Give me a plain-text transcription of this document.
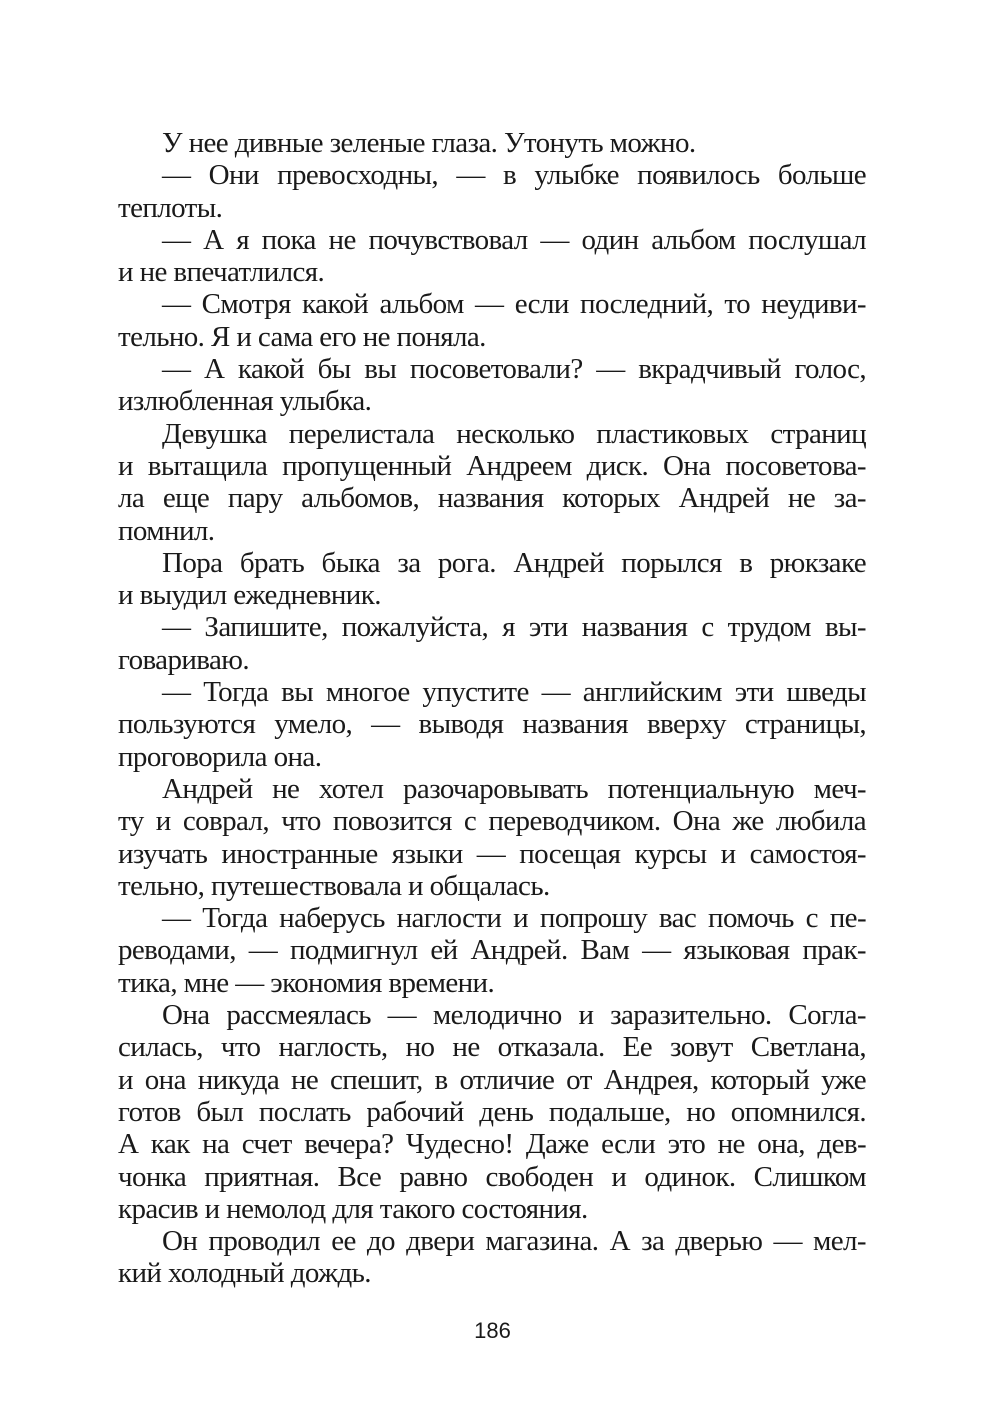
У нее дивные зеленые глаза. Утонуть можно.
— Они превосходны, — в улыбке появилось больше
теплоты.
— А я пока не почувствовал — один альбом послушал
и не впечатлился.
— Смотря какой альбом — если последний, то неудиви-
тельно. Я и сама его не поняла.
— А какой бы вы посоветовали? — вкрадчивый голос,
излюбленная улыбка.
Девушка перелистала несколько пластиковых страниц
и вытащила пропущенный Андреем диск. Она посоветова-
ла еще пару альбомов, названия которых Андрей не за-
помнил.
Пора брать быка за рога. Андрей порылся в рюкзаке
и выудил ежедневник.
— Запишите, пожалуйста, я эти названия с трудом вы-
говариваю.
— Тогда вы многое упустите — английским эти шведы
пользуются умело, — выводя названия вверху страницы,
проговорила она.
Андрей не хотел разочаровывать потенциальную меч-
ту и соврал, что повозится с переводчиком. Она же любила
изучать иностранные языки — посещая курсы и самостоя-
тельно, путешествовала и общалась.
— Тогда наберусь наглости и попрошу вас помочь с пе-
реводами, — подмигнул ей Андрей. Вам — языковая прак-
тика, мне — экономия времени.
Она рассмеялась — мелодично и заразительно. Согла-
силась, что наглость, но не отказала. Ее зовут Светлана,
и она никуда не спешит, в отличие от Андрея, который уже
готов был послать рабочий день подальше, но опомнился.
А как на счет вечера? Чудесно! Даже если это не она, дев-
чонка приятная. Все равно свободен и одинок. Слишком
красив и немолод для такого состояния.
Он проводил ее до двери магазина. А за дверью — мел-
кий холодный дождь.
186
